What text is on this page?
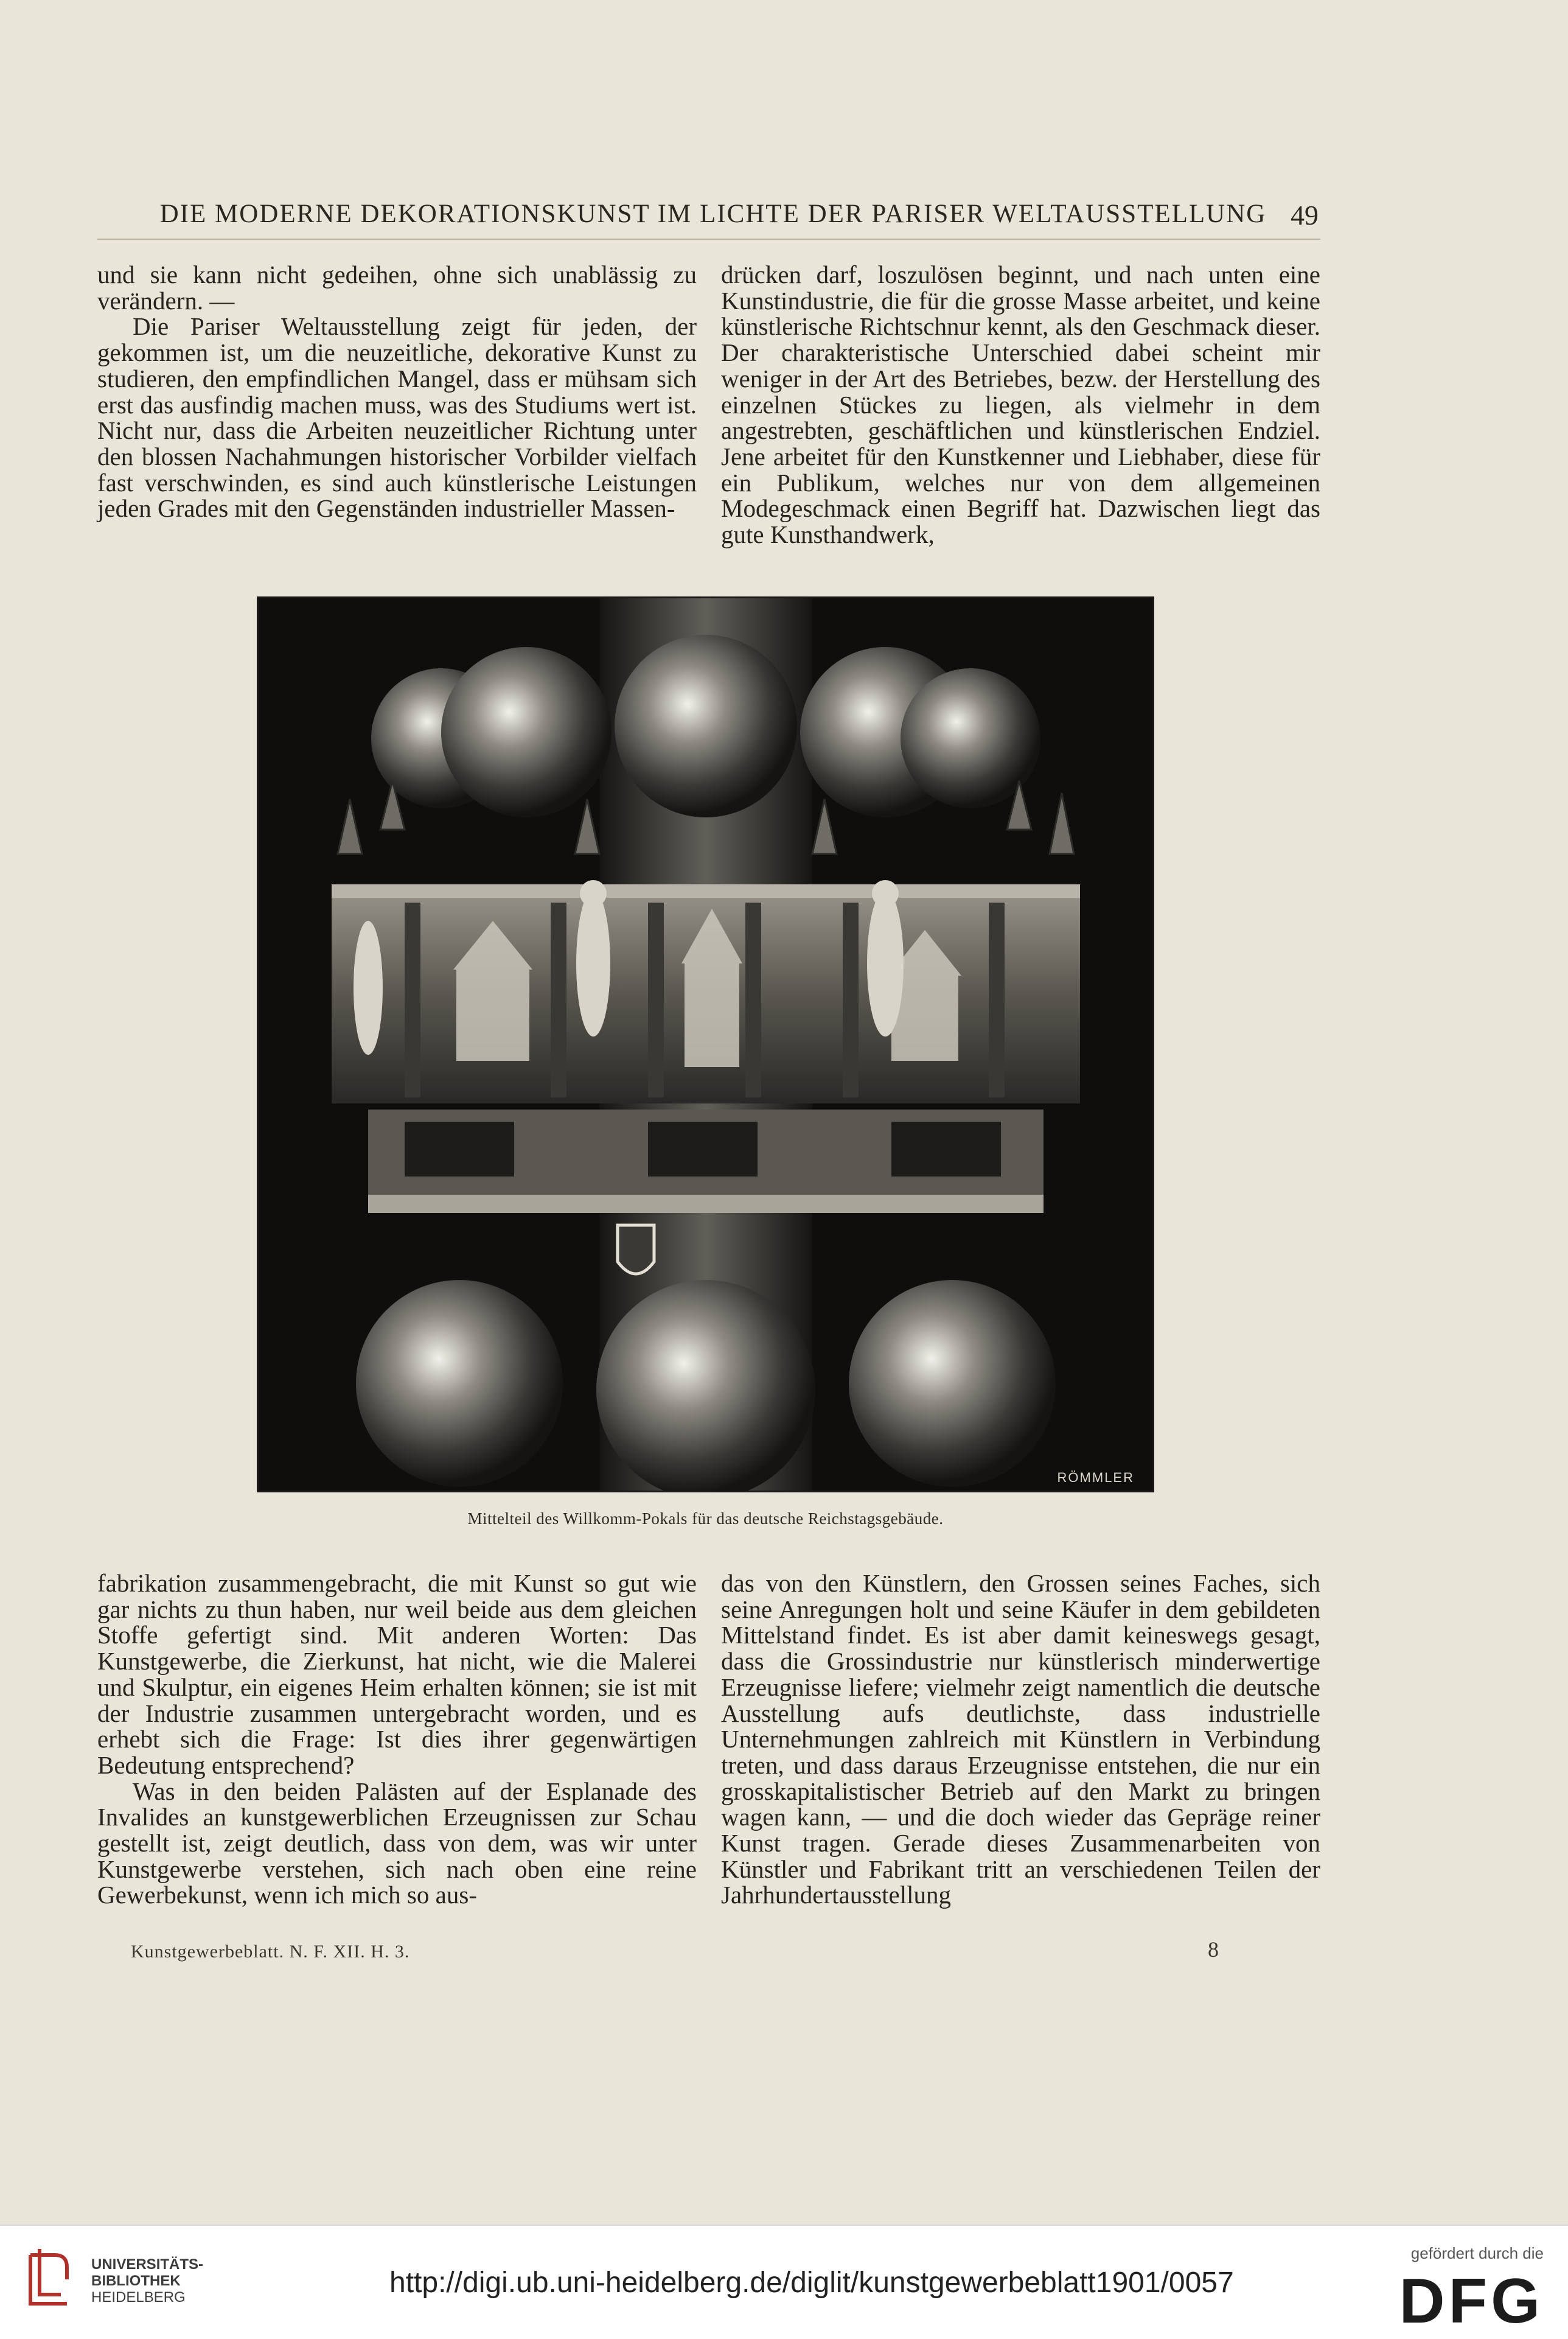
DIE MODERNE DEKORATIONSKUNST IM LICHTE DER PARISER WELTAUSSTELLUNG 49

und sie kann nicht gedeihen, ohne sich unablässig zu verändern. —

Die Pariser Weltausstellung zeigt für jeden, der gekommen ist, um die neuzeitliche, dekorative Kunst zu studieren, den empfindlichen Mangel, dass er mühsam sich erst das ausfindig machen muss, was des Studiums wert ist. Nicht nur, dass die Arbeiten neuzeitlicher Richtung unter den blossen Nachahmungen historischer Vorbilder vielfach fast verschwinden, es sind auch künstlerische Leistungen jeden Grades mit den Gegenständen industrieller Massen-

drücken darf, loszulösen beginnt, und nach unten eine Kunstindustrie, die für die grosse Masse arbeitet, und keine künstlerische Richtschnur kennt, als den Geschmack dieser. Der charakteristische Unterschied dabei scheint mir weniger in der Art des Betriebes, bezw. der Herstellung des einzelnen Stückes zu liegen, als vielmehr in dem angestrebten, geschäftlichen und künstlerischen Endziel. Jene arbeitet für den Kunstkenner und Liebhaber, diese für ein Publikum, welches nur von dem allgemeinen Modegeschmack einen Begriff hat. Dazwischen liegt das gute Kunsthandwerk,

RÖMMLER
Mittelteil des Willkomm-Pokals für das deutsche Reichstagsgebäude.

fabrikation zusammengebracht, die mit Kunst so gut wie gar nichts zu thun haben, nur weil beide aus dem gleichen Stoffe gefertigt sind. Mit anderen Worten: Das Kunstgewerbe, die Zierkunst, hat nicht, wie die Malerei und Skulptur, ein eigenes Heim erhalten können; sie ist mit der Industrie zusammen untergebracht worden, und es erhebt sich die Frage: Ist dies ihrer gegenwärtigen Bedeutung entsprechend?

Was in den beiden Palästen auf der Esplanade des Invalides an kunstgewerblichen Erzeugnissen zur Schau gestellt ist, zeigt deutlich, dass von dem, was wir unter Kunstgewerbe verstehen, sich nach oben eine reine Gewerbekunst, wenn ich mich so aus-

das von den Künstlern, den Grossen seines Faches, sich seine Anregungen holt und seine Käufer in dem gebildeten Mittelstand findet. Es ist aber damit keineswegs gesagt, dass die Grossindustrie nur künstlerisch minderwertige Erzeugnisse liefere; vielmehr zeigt namentlich die deutsche Ausstellung aufs deutlichste, dass industrielle Unternehmungen zahlreich mit Künstlern in Verbindung treten, und dass daraus Erzeugnisse entstehen, die nur ein grosskapitalistischer Betrieb auf den Markt zu bringen wagen kann, — und die doch wieder das Gepräge reiner Kunst tragen. Gerade dieses Zusammenarbeiten von Künstler und Fabrikant tritt an verschiedenen Teilen der Jahrhundertausstellung

Kunstgewerbeblatt. N. F. XII. H. 3.	8
UNIVERSITÄTS-
BIBLIOTHEK
HEIDELBERG	http://digi.ub.uni-heidelberg.de/diglit/kunstgewerbeblatt1901/0057
gefördert durch die
DFG
